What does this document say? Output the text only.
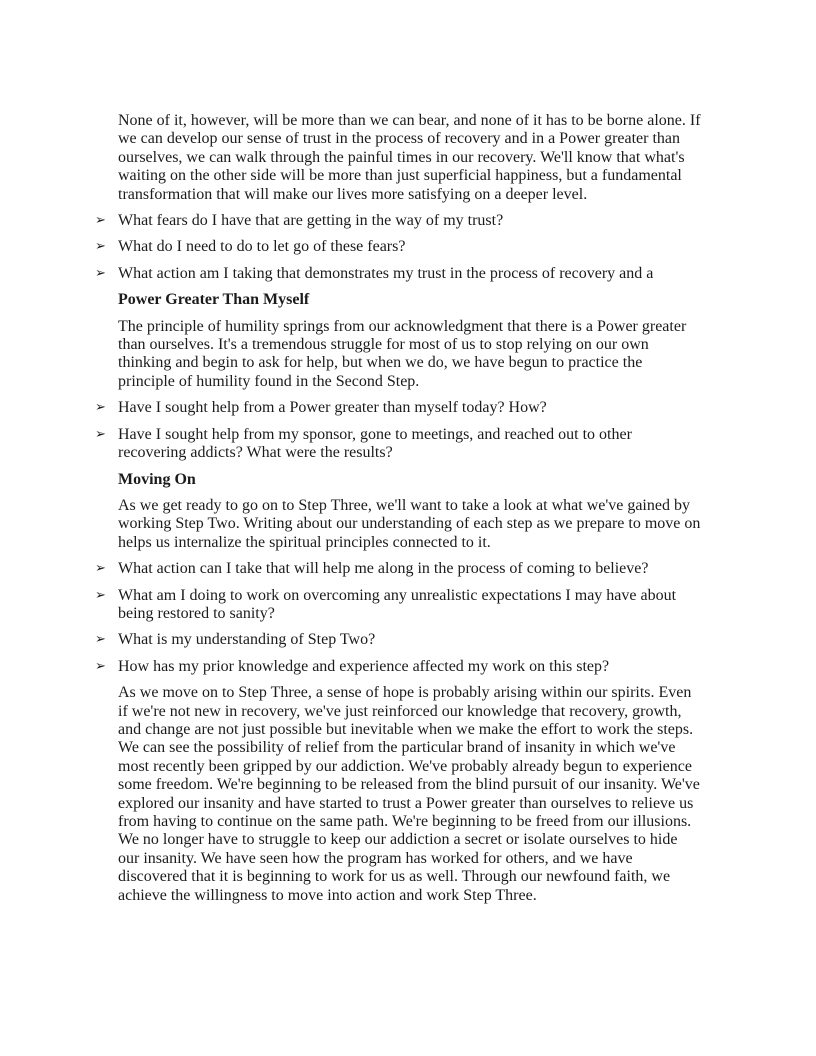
None of it, however, will be more than we can bear, and none of it has to be borne alone. If we can develop our sense of trust in the process of recovery and in a Power greater than ourselves, we can walk through the painful times in our recovery. We'll know that what's waiting on the other side will be more than just superficial happiness, but a fundamental transformation that will make our lives more satisfying on a deeper level.

➢ What fears do I have that are getting in the way of my trust?
➢ What do I need to do to let go of these fears?
➢ What action am I taking that demonstrates my trust in the process of recovery and a
Power Greater Than Myself

The principle of humility springs from our acknowledgment that there is a Power greater than ourselves. It's a tremendous struggle for most of us to stop relying on our own thinking and begin to ask for help, but when we do, we have begun to practice the principle of humility found in the Second Step.

➢ Have I sought help from a Power greater than myself today? How?
➢ Have I sought help from my sponsor, gone to meetings, and reached out to other recovering addicts? What were the results?
Moving On

As we get ready to go on to Step Three, we'll want to take a look at what we've gained by working Step Two. Writing about our understanding of each step as we prepare to move on helps us internalize the spiritual principles connected to it.

➢ What action can I take that will help me along in the process of coming to believe?
➢ What am I doing to work on overcoming any unrealistic expectations I may have about being restored to sanity?
➢ What is my understanding of Step Two?
➢ How has my prior knowledge and experience affected my work on this step?

As we move on to Step Three, a sense of hope is probably arising within our spirits. Even if we're not new in recovery, we've just reinforced our knowledge that recovery, growth, and change are not just possible but inevitable when we make the effort to work the steps. We can see the possibility of relief from the particular brand of insanity in which we've most recently been gripped by our addiction. We've probably already begun to experience some freedom. We're beginning to be released from the blind pursuit of our insanity. We've explored our insanity and have started to trust a Power greater than ourselves to relieve us from having to continue on the same path. We're beginning to be freed from our illusions. We no longer have to struggle to keep our addiction a secret or isolate ourselves to hide our insanity. We have seen how the program has worked for others, and we have discovered that it is beginning to work for us as well. Through our newfound faith, we achieve the willingness to move into action and work Step Three.
